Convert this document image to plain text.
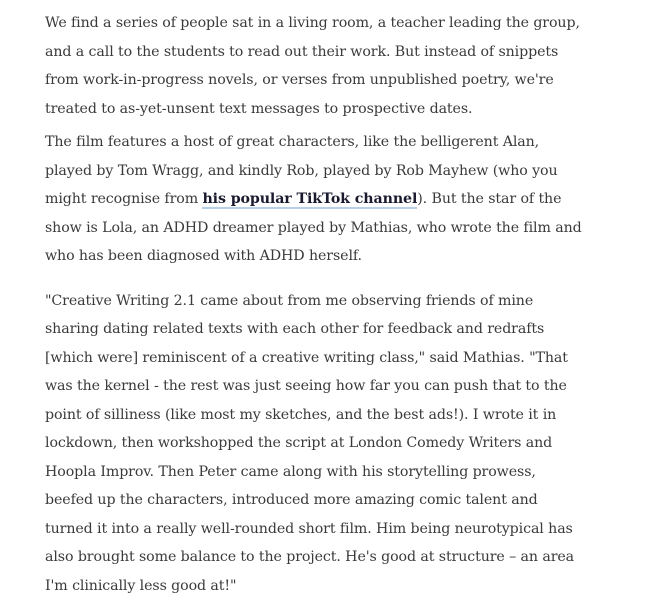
We find a series of people sat in a living room, a teacher leading the group, and a call to the students to read out their work. But instead of snippets from work-in-progress novels, or verses from unpublished poetry, we're treated to as-yet-unsent text messages to prospective dates.

The film features a host of great characters, like the belligerent Alan, played by Tom Wragg, and kindly Rob, played by Rob Mayhew (who you might recognise from his popular TikTok channel). But the star of the show is Lola, an ADHD dreamer played by Mathias, who wrote the film and who has been diagnosed with ADHD herself.

"Creative Writing 2.1 came about from me observing friends of mine sharing dating related texts with each other for feedback and redrafts [which were] reminiscent of a creative writing class," said Mathias. "That was the kernel - the rest was just seeing how far you can push that to the point of silliness (like most my sketches, and the best ads!). I wrote it in lockdown, then workshopped the script at London Comedy Writers and Hoopla Improv. Then Peter came along with his storytelling prowess, beefed up the characters, introduced more amazing comic talent and turned it into a really well-rounded short film. Him being neurotypical has also brought some balance to the project. He's good at structure – an area I'm clinically less good at!"
